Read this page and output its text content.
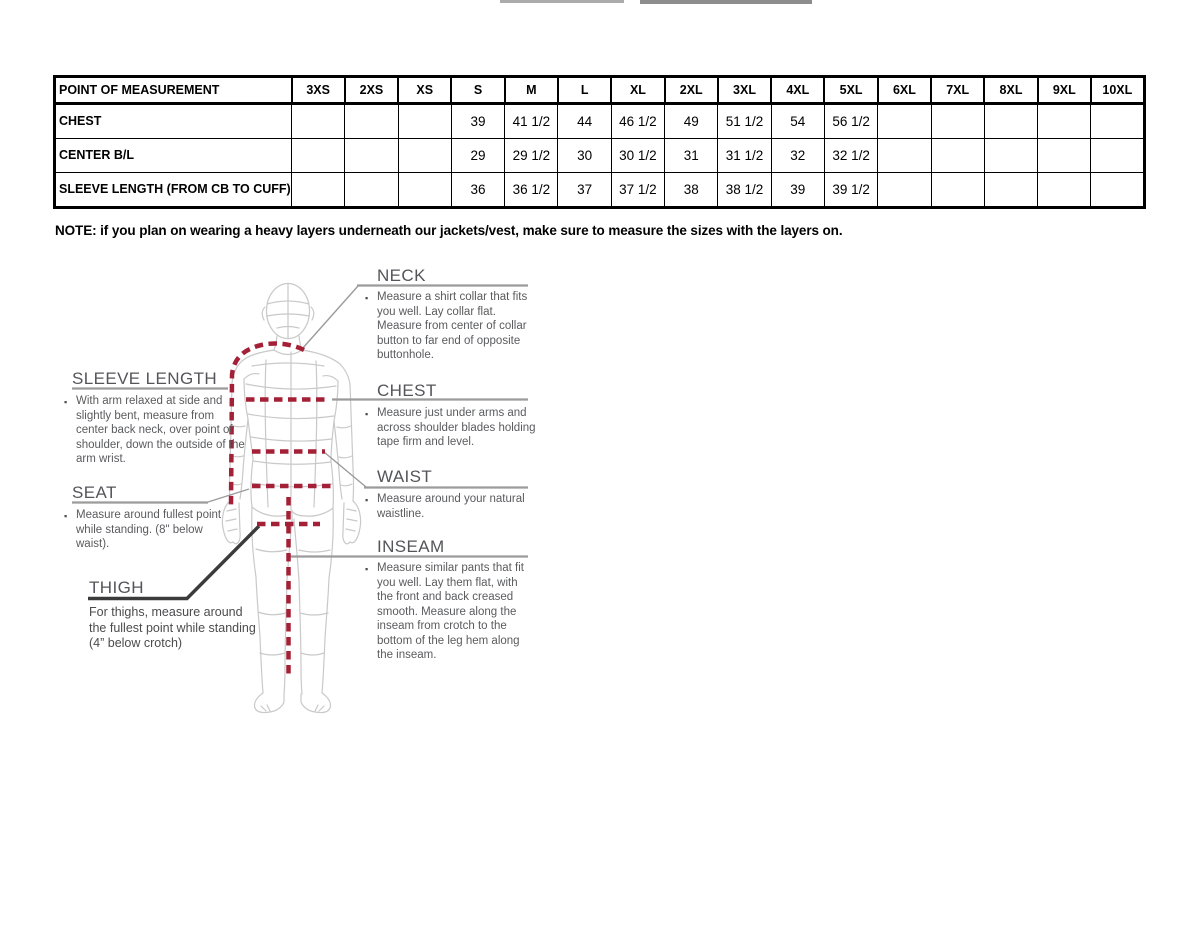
POINT OF MEASUREMENT	3XS	2XS	XS	S	M	L	XL	2XL	3XL	4XL	5XL	6XL	7XL	8XL	9XL	10XL
CHEST				39	41 1/2	44	46 1/2	49	51 1/2	54	56 1/2					
CENTER B/L				29	29 1/2	30	30 1/2	31	31 1/2	32	32 1/2					
SLEEVE LENGTH (FROM CB TO CUFF)				36	36 1/2	37	37 1/2	38	38 1/2	39	39 1/2					

NOTE: if you plan on wearing a heavy layers underneath our jackets/vest, make sure to measure the sizes with the layers on.

NECK

▪ Measure a shirt collar that fits you well. Lay collar flat. Measure from center of collar button to far end of opposite buttonhole.

CHEST

▪ Measure just under arms and across shoulder blades holding tape firm and level.

WAIST

▪ Measure around your natural waistline.

INSEAM

▪ Measure similar pants that fit you well. Lay them flat, with the front and back creased smooth. Measure along the inseam from crotch to the bottom of the leg hem along the inseam.

SLEEVE LENGTH

▪ With arm relaxed at side and slightly bent, measure from center back neck, over point of shoulder, down the outside of the arm wrist.

SEAT

▪ Measure around fullest point while standing. (8" below waist).

THIGH

For thighs, measure around the fullest point while standing (4” below crotch)
